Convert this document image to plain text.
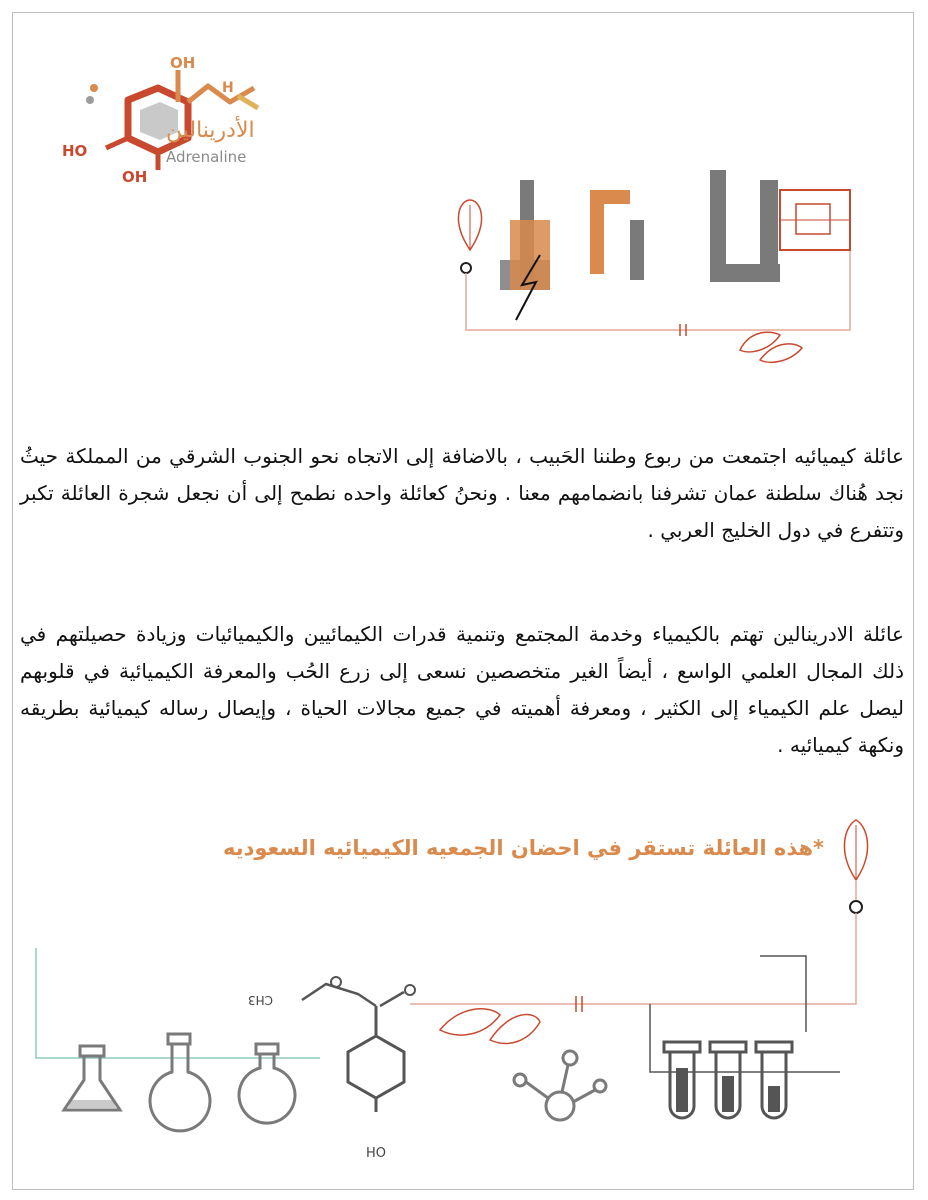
OH
HO
OH
H
الأدرينالين
Adrenaline
عائلة كيميائيه اجتمعت من ربوع وطننا الحَبيب ، بالاضافة إلى الاتجاه نحو الجنوب الشرقي من المملكة حيثُ نجد هُناك سلطنة عمان تشرفنا بانضمامهم معنا . ونحنُ كعائلة واحده نطمح إلى أن نجعل شجرة العائلة تكبر وتتفرع في دول الخليج العربي .
عائلة الادرينالين تهتم بالكيمياء وخدمة المجتمع وتنمية قدرات الكيمائيين والكيميائيات وزيادة حصيلتهم في ذلك المجال العلمي الواسع ، أيضاً الغير متخصصين نسعى إلى زرع الحُب والمعرفة الكيميائية في قلوبهم ليصل علم الكيمياء إلى الكثير ، ومعرفة أهميته في جميع مجالات الحياة ، وإيصال رساله كيميائية بطريقه ونكهة كيميائيه .
*هذه العائلة تستقر في احضان الجمعيه الكيميائيه السعوديه
CH3
HO
